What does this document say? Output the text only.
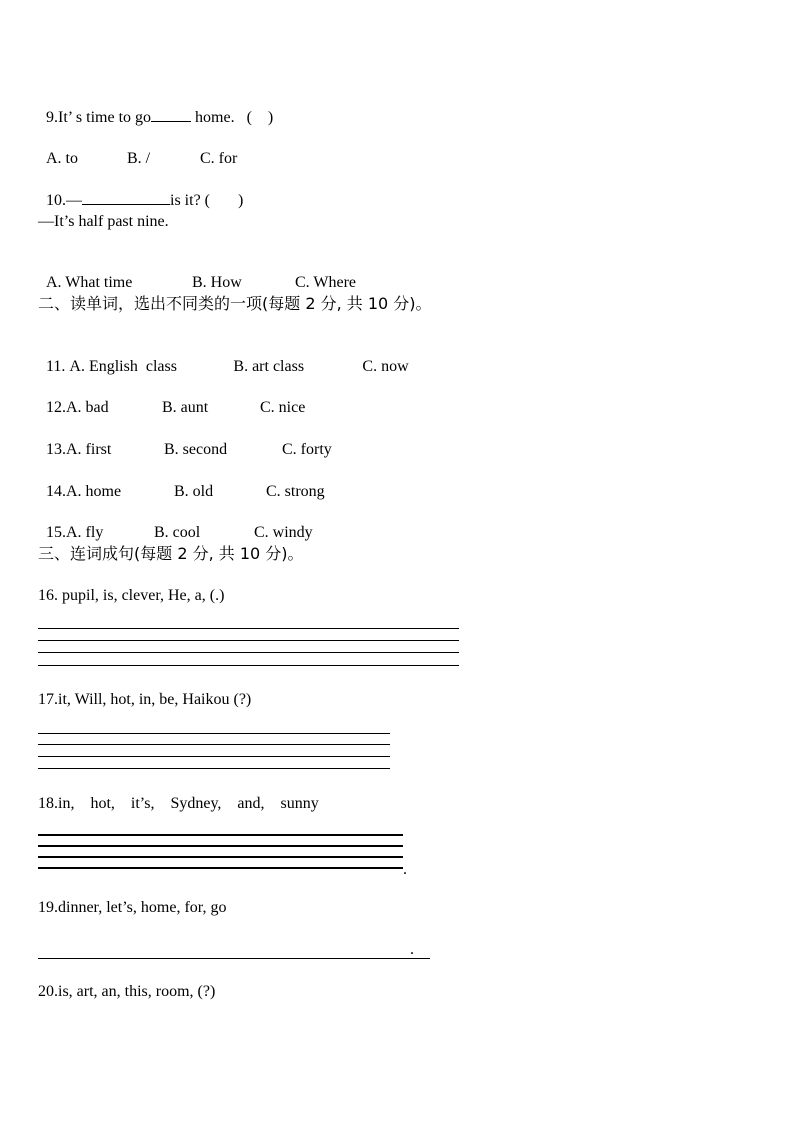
9.It’ s time to go	home.   (    )

A. to	B. /	C. for

10.—	is it? (       )

—It’s half past nine.

A. What time	B. How	C. Where

二、读单词，选出不同类的一项(每题 2 分, 共 10 分)。

11. A. English  class	B. art class	C. now

12.A. bad	B. aunt	C. nice

13.A. first	B. second	C. forty

14.A. home	B. old	C. strong

15.A. fly	B. cool	C. windy

三、连词成句(每题 2 分, 共 10 分)。
16. pupil, is, clever, He, a, (.)
17.it, Will, hot, in, be, Haikou (?)
18.in,    hot,    it’s,    Sydney,    and,    sunny
.
19.dinner, let’s, home, for, go
.
20.is, art, an, this, room, (?)
